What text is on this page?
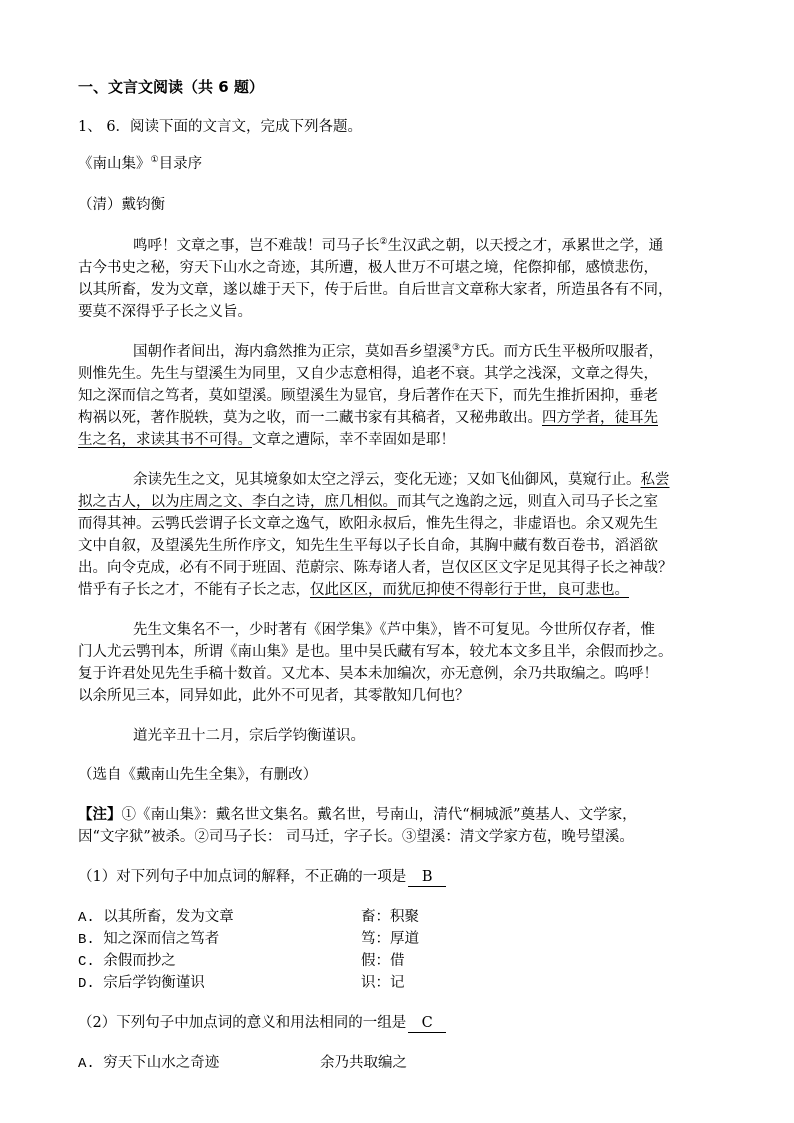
一、文言文阅读（共 6 题）
1、 6．阅读下面的文言文，完成下列各题。
《南山集》①目录序
（清）戴钧衡
鸣呼！文章之事，岂不难哉！司马子长②生汉武之朝，以天授之才，承累世之学，通
古今书史之秘，穷天下山水之奇迹，其所遭，极人世万不可堪之境，侘傺抑郁，感愤悲伤，
以其所畜，发为文章，遂以雄于天下，传于后世。自后世言文章称大家者，所造虽各有不同，
要莫不深得乎子长之义旨。
国朝作者间出，海内翕然推为正宗，莫如吾乡望溪③方氏。而方氏生平极所叹服者，
则惟先生。先生与望溪生为同里，又自少志意相得，追老不衰。其学之浅深，文章之得失，
知之深而信之笃者，莫如望溪。顾望溪生为显官，身后著作在天下，而先生推折困抑，垂老
构祸以死，著作脱轶，莫为之收，而一二藏书家有其稿者，又秘弗敢出。四方学者，徒耳先
生之名，求读其书不可得。文章之遭际，幸不幸固如是耶！
余读先生之文，见其境象如太空之浮云，变化无迹；又如飞仙御风，莫窥行止。私尝
拟之古人，以为庄周之文、李白之诗，庶几相似。而其气之逸韵之远，则直入司马子长之室
而得其神。云鹗氏尝谓子长文章之逸气，欧阳永叔后，惟先生得之，非虚语也。余又观先生
文中自叙，及望溪先生所作序文，知先生生平每以子长自命，其胸中藏有数百卷书，滔滔欲
出。向令克成，必有不同于班固、范蔚宗、陈寿诸人者，岂仅区区文字足见其得子长之神哉？
惜乎有子长之才，不能有子长之志，仅此区区，而犹厄抑使不得彰行于世，良可悲也。
先生文集名不一，少时著有《困学集》《芦中集》，皆不可复见。今世所仅存者，惟
门人尤云鹗刊本，所谓《南山集》是也。里中吴氏藏有写本，较尤本文多且半，余假而抄之。
复于许君处见先生手稿十数首。又尤本、吴本未加编次，亦无意例，余乃共取编之。呜呼！
以余所见三本，同异如此，此外不可见者，其零散知几何也？
道光辛丑十二月，宗后学钧衡谨识。
（选自《戴南山先生全集》，有删改）
【注】①《南山集》：戴名世文集名。戴名世，号南山，清代“桐城派”奠基人、文学家，
因“文字狱”被杀。②司马子长： 司马迁，字子长。③望溪：清文学家方苞，晚号望溪。
（1）对下列句子中加点词的解释，不正确的一项是 B
A. 以其所畜，发为文章	畜：积聚
B. 知之深而信之笃者	笃：厚道
C. 余假而抄之	假：借
D. 宗后学钧衡谨识	识：记
（2）下列句子中加点词的意义和用法相同的一组是 C
A. 穷天下山水之奇迹	余乃共取编之
